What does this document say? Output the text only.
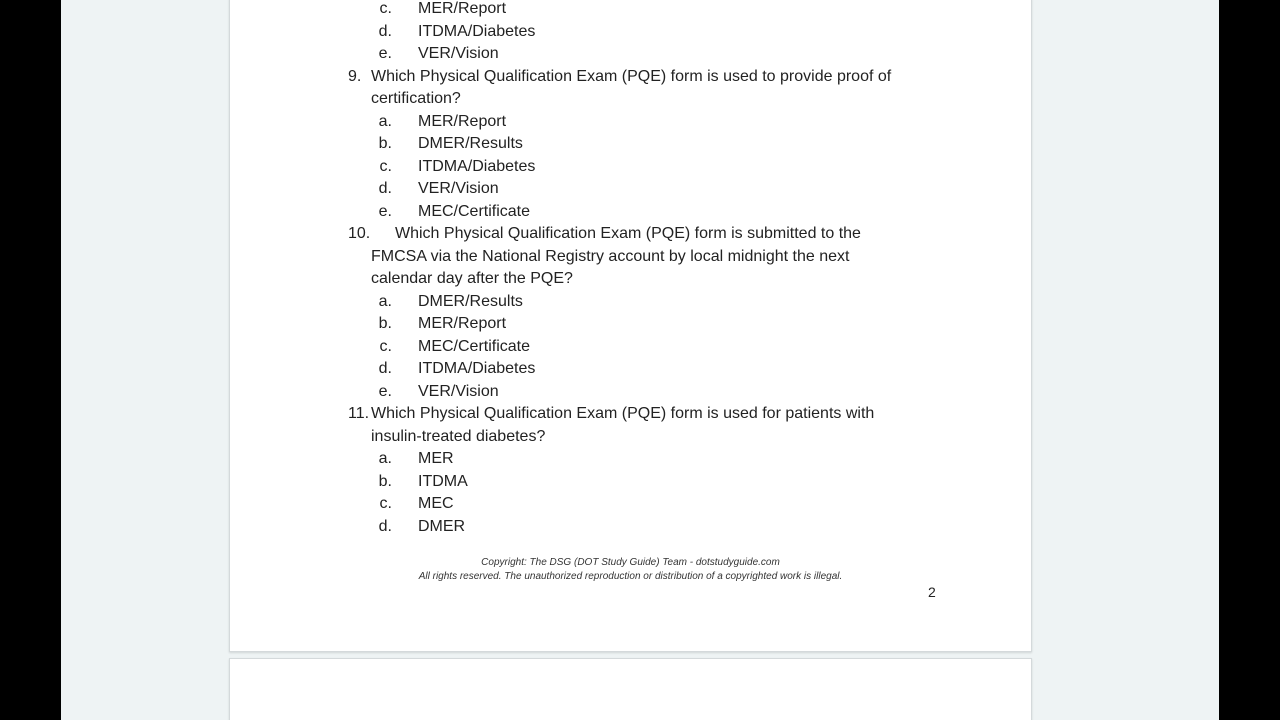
c. MER/Report
d. ITDMA/Diabetes
e. VER/Vision
9. Which Physical Qualification Exam (PQE) form is used to provide proof of
certification?
a. MER/Report
b. DMER/Results
c. ITDMA/Diabetes
d. VER/Vision
e. MEC/Certificate
10. Which Physical Qualification Exam (PQE) form is submitted to the
FMCSA via the National Registry account by local midnight the next
calendar day after the PQE?
a. DMER/Results
b. MER/Report
c. MEC/Certificate
d. ITDMA/Diabetes
e. VER/Vision
11. Which Physical Qualification Exam (PQE) form is used for patients with
insulin-treated diabetes?
a. MER
b. ITDMA
c. MEC
d. DMER
Copyright: The DSG (DOT Study Guide) Team - dotstudyguide.com
All rights reserved. The unauthorized reproduction or distribution of a copyrighted work is illegal.
2
